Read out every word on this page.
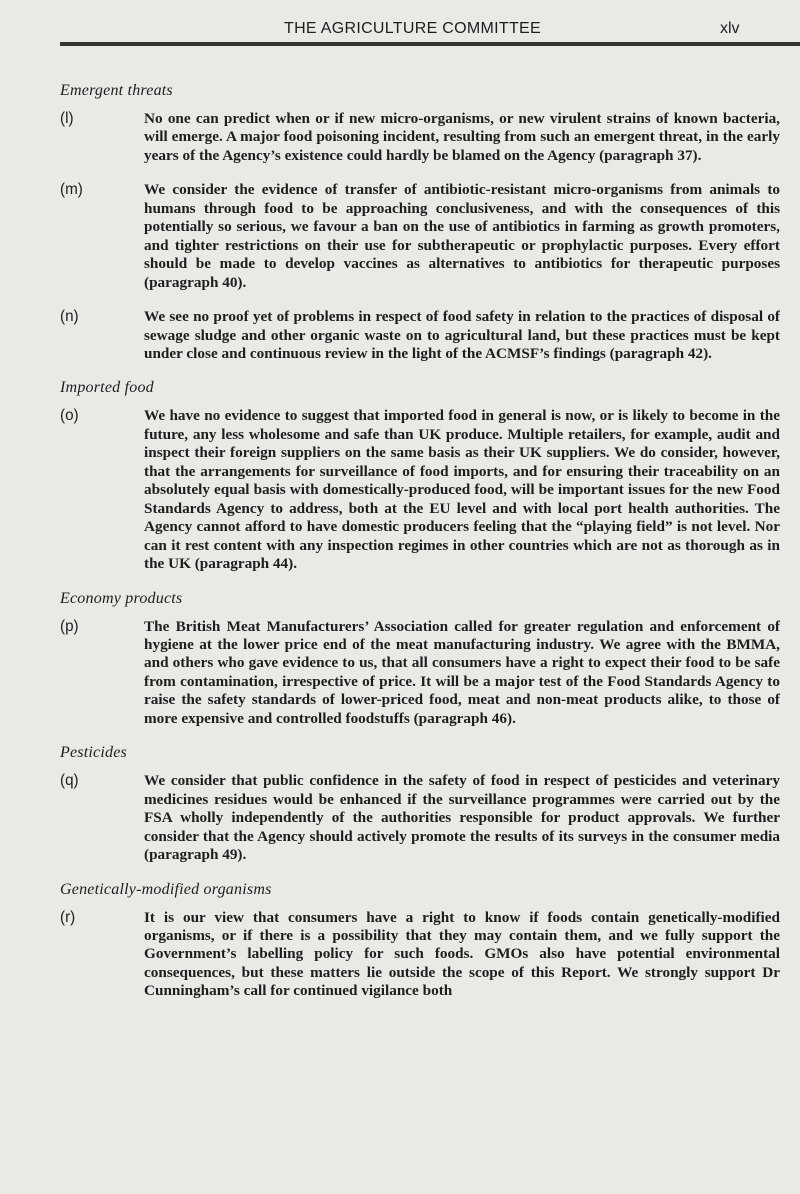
THE AGRICULTURE COMMITTEE	xlv
Emergent threats
(l)	No one can predict when or if new micro-organisms, or new virulent strains of known bacteria, will emerge. A major food poisoning incident, resulting from such an emergent threat, in the early years of the Agency’s existence could hardly be blamed on the Agency (paragraph 37).
(m)	We consider the evidence of transfer of antibiotic-resistant micro-organisms from animals to humans through food to be approaching conclusiveness, and with the consequences of this potentially so serious, we favour a ban on the use of antibiotics in farming as growth promoters, and tighter restrictions on their use for subtherapeutic or prophylactic purposes. Every effort should be made to develop vaccines as alternatives to antibiotics for therapeutic purposes (paragraph 40).
(n)	We see no proof yet of problems in respect of food safety in relation to the practices of disposal of sewage sludge and other organic waste on to agricultural land, but these practices must be kept under close and continuous review in the light of the ACMSF’s findings (paragraph 42).
Imported food
(o)	We have no evidence to suggest that imported food in general is now, or is likely to become in the future, any less wholesome and safe than UK produce. Multiple retailers, for example, audit and inspect their foreign suppliers on the same basis as their UK suppliers. We do consider, however, that the arrangements for surveillance of food imports, and for ensuring their traceability on an absolutely equal basis with domestically-produced food, will be important issues for the new Food Standards Agency to address, both at the EU level and with local port health authorities. The Agency cannot afford to have domestic producers feeling that the “playing field” is not level. Nor can it rest content with any inspection regimes in other countries which are not as thorough as in the UK (paragraph 44).
Economy products
(p)	The British Meat Manufacturers’ Association called for greater regulation and enforcement of hygiene at the lower price end of the meat manufacturing industry. We agree with the BMMA, and others who gave evidence to us, that all consumers have a right to expect their food to be safe from contamination, irrespective of price. It will be a major test of the Food Standards Agency to raise the safety standards of lower-priced food, meat and non-meat products alike, to those of more expensive and controlled foodstuffs (paragraph 46).
Pesticides
(q)	We consider that public confidence in the safety of food in respect of pesticides and veterinary medicines residues would be enhanced if the surveillance programmes were carried out by the FSA wholly independently of the authorities responsible for product approvals. We further consider that the Agency should actively promote the results of its surveys in the consumer media (paragraph 49).
Genetically-modified organisms
(r)	It is our view that consumers have a right to know if foods contain genetically-modified organisms, or if there is a possibility that they may contain them, and we fully support the Government’s labelling policy for such foods. GMOs also have potential environmental consequences, but these matters lie outside the scope of this Report. We strongly support Dr Cunningham’s call for continued vigilance both
